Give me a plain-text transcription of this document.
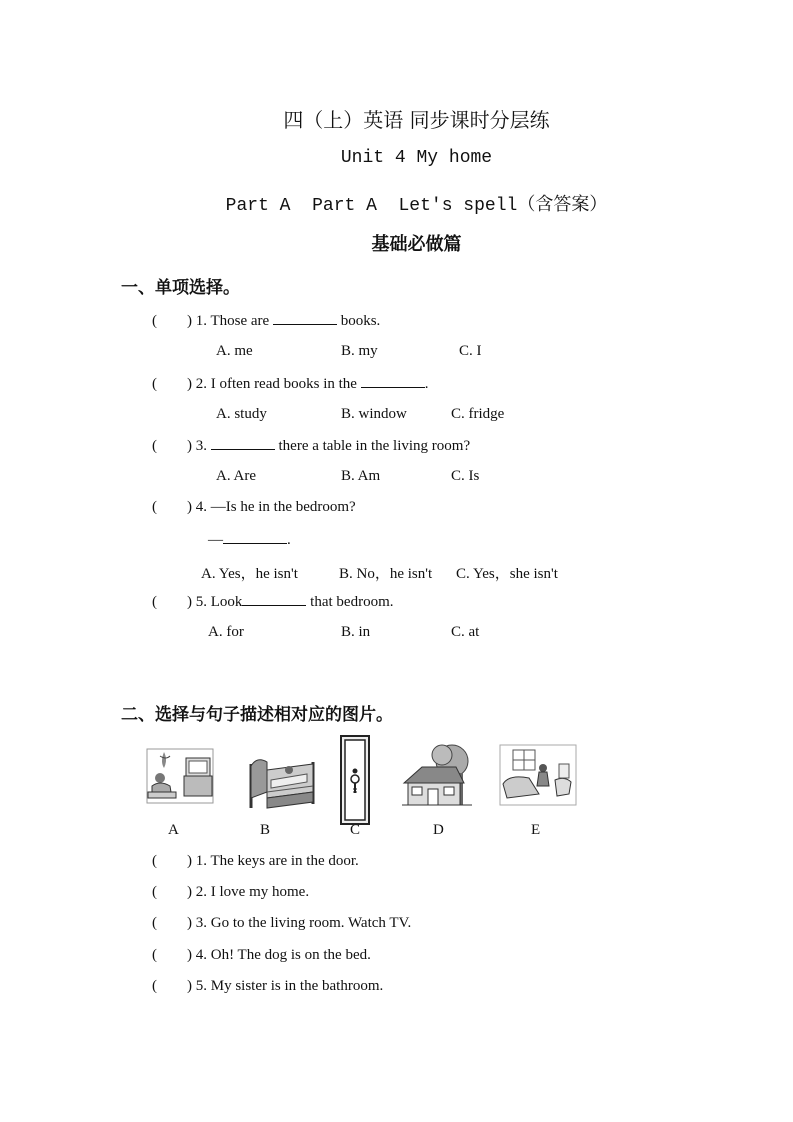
四（上）英语 同步课时分层练
Unit 4 My home
Part A  Part A  Let's spell（含答案）
基础必做篇
一、单项选择。
(        ) 1. Those are	books.
A. me	B. my	C. I
(        ) 2. I often read books in the	.
A. study	B. window	C. fridge
(        ) 3.	there a table in the living room?
A. Are	B. Am	C. Is
(        ) 4. —Is he in the bedroom?
—	.
A. Yes，he isn't	B. No，he isn't C. Yes，she isn't
(        ) 5. Look	that bedroom.
A. for	B. in	C. at
二、选择与句子描述相对应的图片。
A	B	C	D	E
(        ) 1. The keys are in the door.
(        ) 2. I love my home.
(        ) 3. Go to the living room. Watch TV.
(        ) 4. Oh! The dog is on the bed.
(        ) 5. My sister is in the bathroom.
